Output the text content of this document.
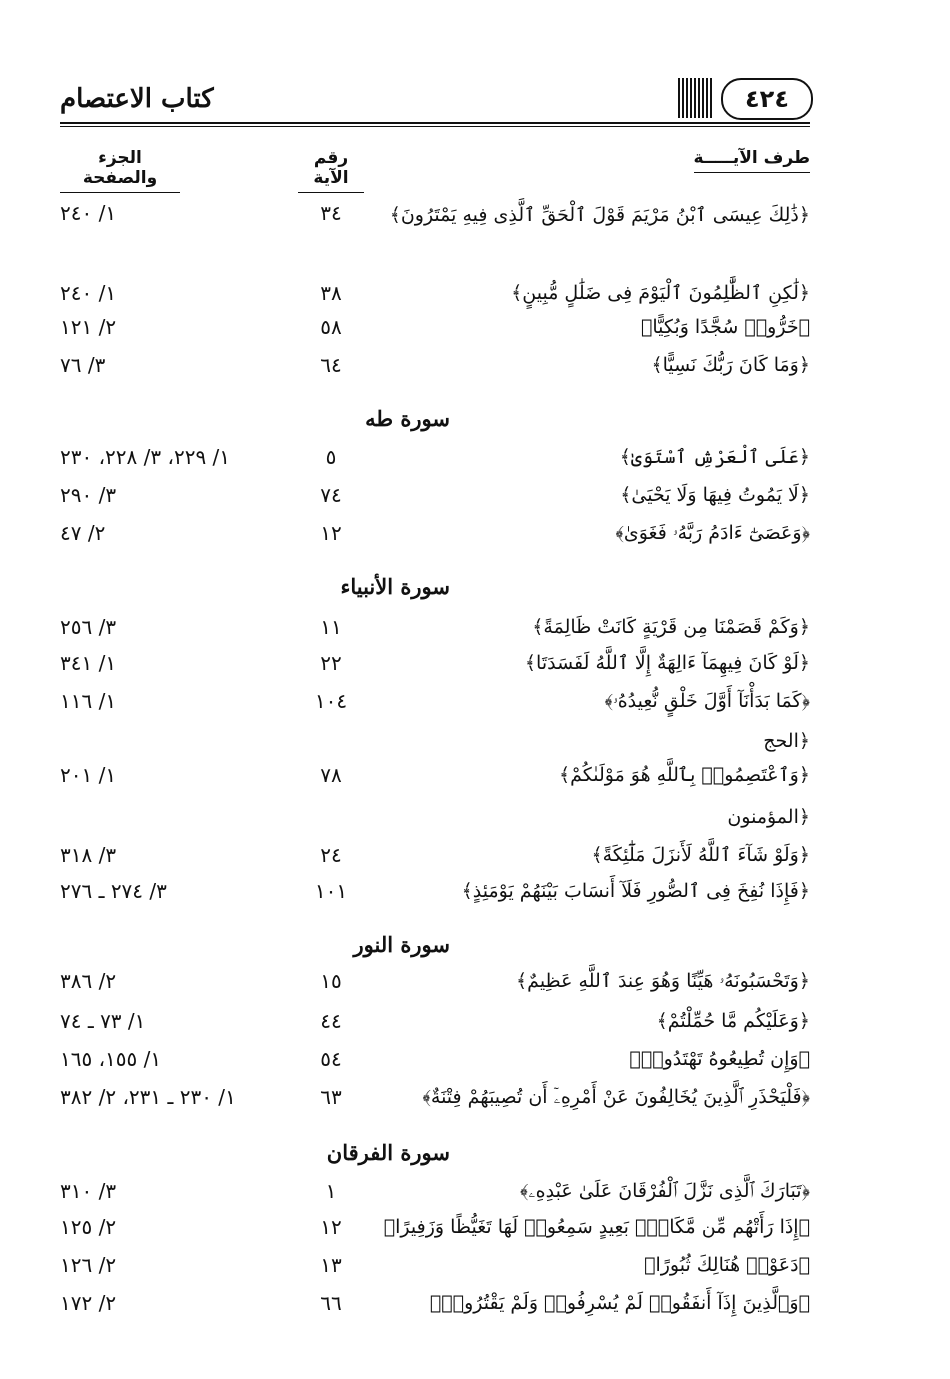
كتاب الاعتصام	٤٢٤
طرف الآيـــــة
رقم الآية
الجزء والصفحة
﴿ذَٰلِكَ عِيسَى ٱبْنُ مَرْيَمَ قَوْلَ ٱلْحَقِّ ٱلَّذِى فِيهِ يَمْتَرُونَ﴾
٣٤
١/ ٢٤٠
﴿لَٰكِنِ ٱلظَّٰلِمُونَ ٱلْيَوْمَ فِى ضَلَٰلٍ مُّبِينٍ﴾
٣٨
١/ ٢٤٠
﴿خَرُّوا۟ سُجَّدًا وَبُكِيًّا﴾
٥٨
٢/ ١٢١
﴿وَمَا كَانَ رَبُّكَ نَسِيًّا﴾
٦٤
٣/ ٧٦
سورة طه
﴿عَلَى ٱلْعَرْشِ ٱسْتَوَىٰ﴾
٥
١/ ٢٢٩، ٣/ ٢٢٨، ٢٣٠
﴿لَا يَمُوتُ فِيهَا وَلَا يَحْيَىٰ﴾
٧٤
٣/ ٢٩٠
﴿وَعَصَىٰٓ ءَادَمُ رَبَّهُۥ فَغَوَىٰ﴾
١٢
٢/ ٤٧
سورة الأنبياء
﴿وَكَمْ قَصَمْنَا مِن قَرْيَةٍ كَانَتْ ظَالِمَةً﴾
١١
٣/ ٢٥٦
﴿لَوْ كَانَ فِيهِمَآ ءَالِهَةٌ إِلَّا ٱللَّهُ لَفَسَدَتَا﴾
٢٢
١/ ٣٤١
﴿كَمَا بَدَأْنَآ أَوَّلَ خَلْقٍ نُّعِيدُهُۥ﴾
١٠٤
١/ ١١٦
﴿الحج
﴿وَٱعْتَصِمُوا۟ بِٱللَّهِ هُوَ مَوْلَىٰكُمْ﴾
٧٨
١/ ٢٠١
﴿المؤمنون
﴿وَلَوْ شَآءَ ٱللَّهُ لَأَنزَلَ مَلَٰٓئِكَةً﴾
٢٤
٣/ ٣١٨
﴿فَإِذَا نُفِخَ فِى ٱلصُّورِ فَلَآ أَنسَابَ بَيْنَهُمْ يَوْمَئِذٍ﴾
١٠١
٣/ ٢٧٤ ـ ٢٧٦
سورة النور
﴿وَتَحْسَبُونَهُۥ هَيِّنًا وَهُوَ عِندَ ٱللَّهِ عَظِيمٌ﴾
١٥
٢/ ٣٨٦
﴿وَعَلَيْكُم مَّا حُمِّلْتُمْ﴾
٤٤
١/ ٧٣ ـ ٧٤
﴿وَإِن تُطِيعُوهُ تَهْتَدُوا۟﴾
٥٤
١/ ١٥٥، ١٦٥
﴿فَلْيَحْذَرِ ٱلَّذِينَ يُخَالِفُونَ عَنْ أَمْرِهِۦٓ أَن تُصِيبَهُمْ فِتْنَةٌ﴾
٦٣
١/ ٢٣٠ ـ ٢٣١، ٢/ ٣٨٢
سورة الفرقان
﴿تَبَارَكَ ٱلَّذِى نَزَّلَ ٱلْفُرْقَانَ عَلَىٰ عَبْدِهِۦ﴾
١
٣/ ٣١٠
﴿إِذَا رَأَتْهُم مِّن مَّكَانٍۭ بَعِيدٍ سَمِعُوا۟ لَهَا تَغَيُّظًا وَزَفِيرًا﴾
١٢
٢/ ١٢٥
﴿دَعَوْا۟ هُنَالِكَ ثُبُورًا﴾
١٣
٢/ ١٢٦
﴿وَٱلَّذِينَ إِذَآ أَنفَقُوا۟ لَمْ يُسْرِفُوا۟ وَلَمْ يَقْتُرُوا۟﴾
٦٦
٢/ ١٧٢
